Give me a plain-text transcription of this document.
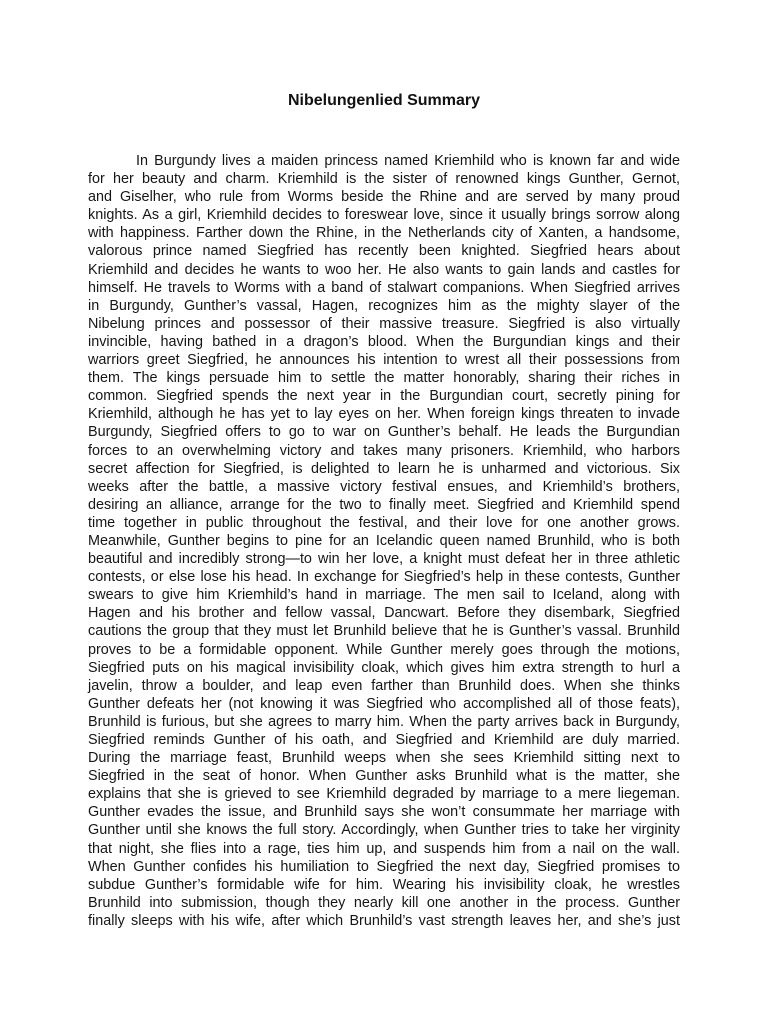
Nibelungenlied Summary
In Burgundy lives a maiden princess named Kriemhild who is known far and wide
for her beauty and charm. Kriemhild is the sister of renowned kings Gunther, Gernot,
and Giselher, who rule from Worms beside the Rhine and are served by many proud
knights. As a girl, Kriemhild decides to foreswear love, since it usually brings sorrow along
with happiness. Farther down the Rhine, in the Netherlands city of Xanten, a handsome,
valorous prince named Siegfried has recently been knighted. Siegfried hears about
Kriemhild and decides he wants to woo her. He also wants to gain lands and castles for
himself. He travels to Worms with a band of stalwart companions. When Siegfried arrives
in Burgundy, Gunther’s vassal, Hagen, recognizes him as the mighty slayer of the
Nibelung princes and possessor of their massive treasure. Siegfried is also virtually
invincible, having bathed in a dragon’s blood. When the Burgundian kings and their
warriors greet Siegfried, he announces his intention to wrest all their possessions from
them. The kings persuade him to settle the matter honorably, sharing their riches in
common. Siegfried spends the next year in the Burgundian court, secretly pining for
Kriemhild, although he has yet to lay eyes on her. When foreign kings threaten to invade
Burgundy, Siegfried offers to go to war on Gunther’s behalf. He leads the Burgundian
forces to an overwhelming victory and takes many prisoners. Kriemhild, who harbors
secret affection for Siegfried, is delighted to learn he is unharmed and victorious. Six
weeks after the battle, a massive victory festival ensues, and Kriemhild’s brothers,
desiring an alliance, arrange for the two to finally meet. Siegfried and Kriemhild spend
time together in public throughout the festival, and their love for one another grows.
Meanwhile, Gunther begins to pine for an Icelandic queen named Brunhild, who is both
beautiful and incredibly strong—to win her love, a knight must defeat her in three athletic
contests, or else lose his head. In exchange for Siegfried’s help in these contests, Gunther
swears to give him Kriemhild’s hand in marriage. The men sail to Iceland, along with
Hagen and his brother and fellow vassal, Dancwart. Before they disembark, Siegfried
cautions the group that they must let Brunhild believe that he is Gunther’s vassal. Brunhild
proves to be a formidable opponent. While Gunther merely goes through the motions,
Siegfried puts on his magical invisibility cloak, which gives him extra strength to hurl a
javelin, throw a boulder, and leap even farther than Brunhild does. When she thinks
Gunther defeats her (not knowing it was Siegfried who accomplished all of those feats),
Brunhild is furious, but she agrees to marry him. When the party arrives back in Burgundy,
Siegfried reminds Gunther of his oath, and Siegfried and Kriemhild are duly married.
During the marriage feast, Brunhild weeps when she sees Kriemhild sitting next to
Siegfried in the seat of honor. When Gunther asks Brunhild what is the matter, she
explains that she is grieved to see Kriemhild degraded by marriage to a mere liegeman.
Gunther evades the issue, and Brunhild says she won’t consummate her marriage with
Gunther until she knows the full story. Accordingly, when Gunther tries to take her virginity
that night, she flies into a rage, ties him up, and suspends him from a nail on the wall.
When Gunther confides his humiliation to Siegfried the next day, Siegfried promises to
subdue Gunther’s formidable wife for him. Wearing his invisibility cloak, he wrestles
Brunhild into submission, though they nearly kill one another in the process. Gunther
finally sleeps with his wife, after which Brunhild’s vast strength leaves her, and she’s just
